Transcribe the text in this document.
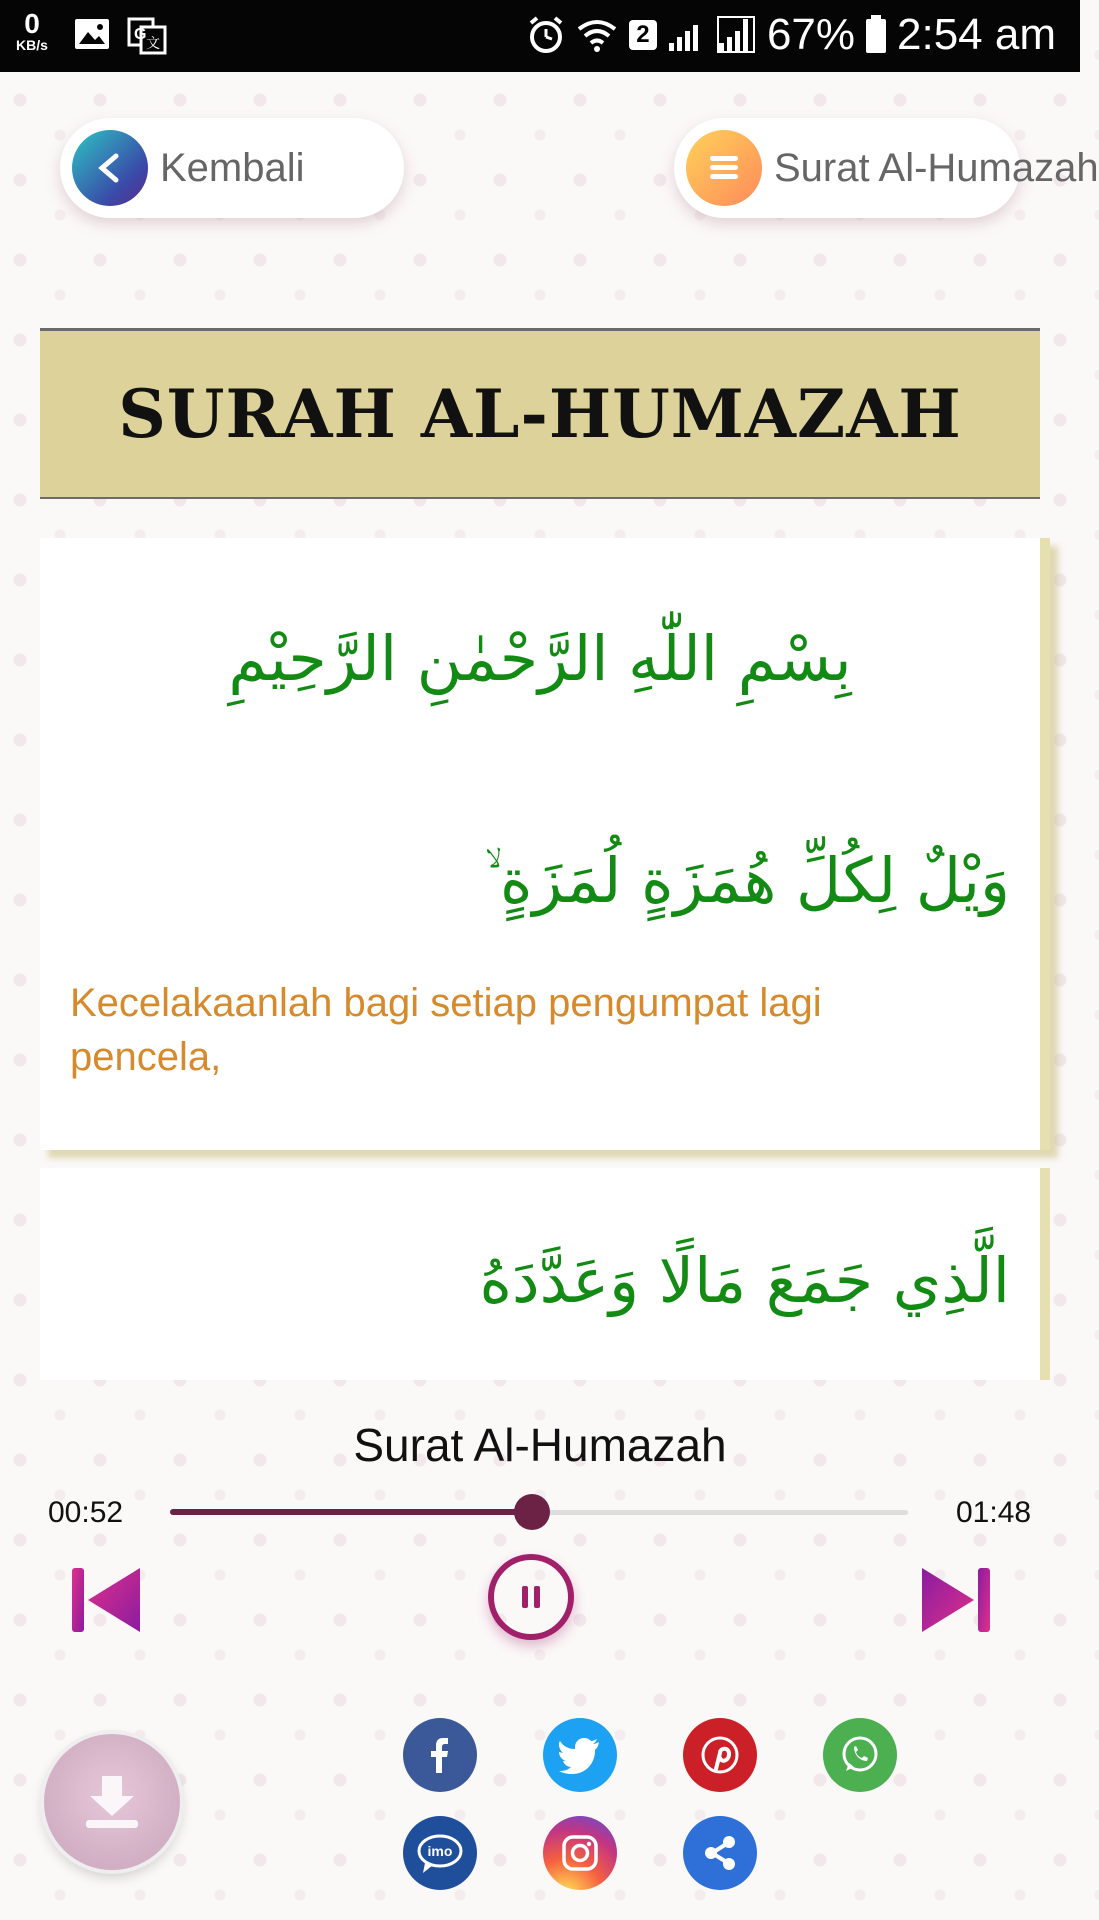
0
KB/s
G 文	2	67% 2:54 am
Kembali	Surat Al-Humazah
SURAH AL-HUMAZAH
بِسْمِ اللّٰهِ الرَّحْمٰنِ الرَّحِيْمِ
وَيْلٌ لِكُلِّ هُمَزَةٍ لُمَزَةٍ ۙ
Kecelakaanlah bagi setiap pengumpat lagi pencela,
الَّذِي جَمَعَ مَالًا وَعَدَّدَهُ
Surat Al-Humazah
00:52	01:48
imo
